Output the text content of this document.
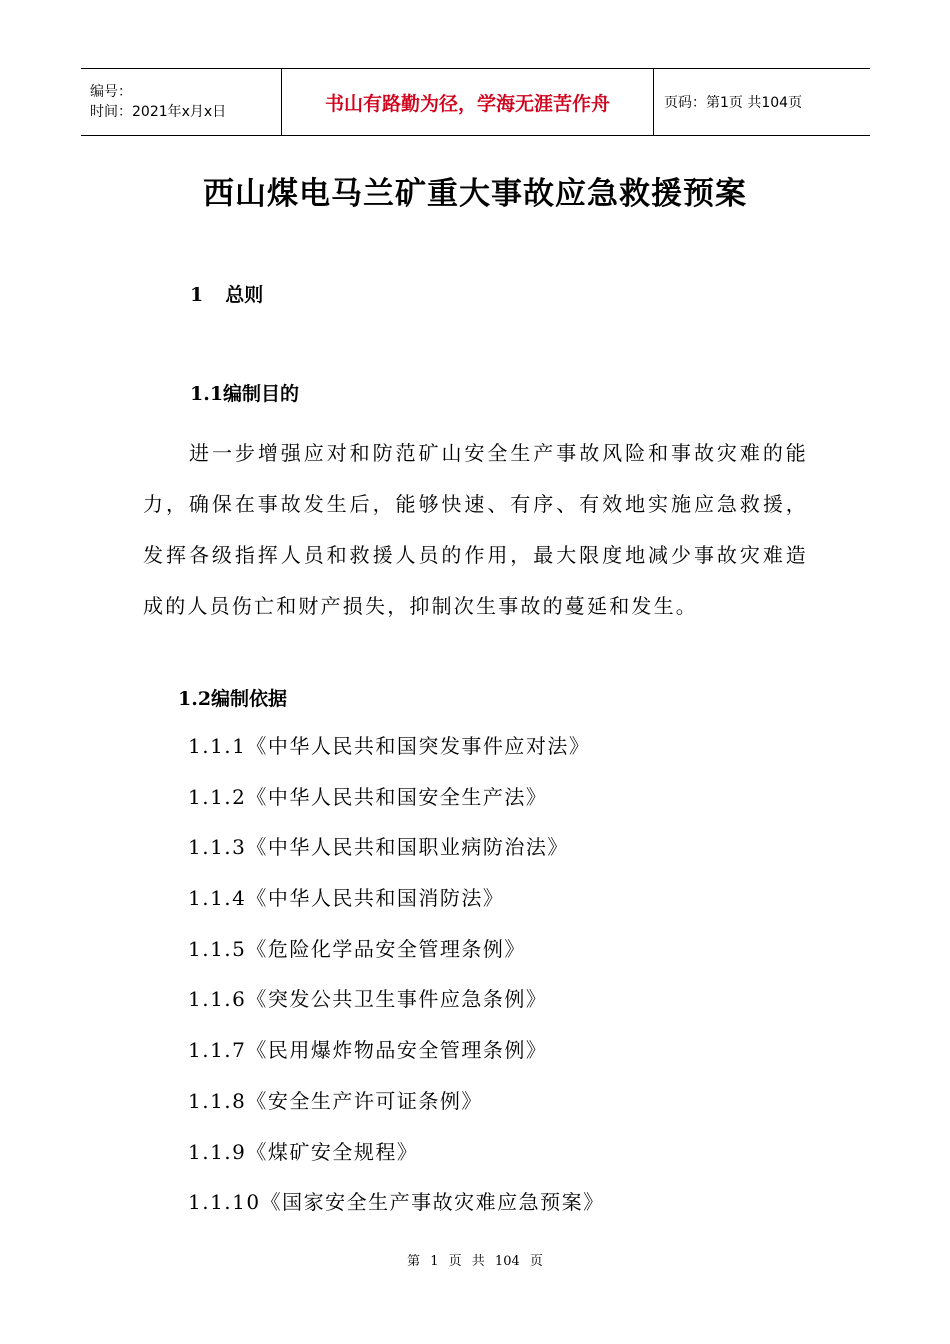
编号：
时间：2021年x月x日	书山有路勤为径，学海无涯苦作舟	页码：第1页 共104页
西山煤电马兰矿重大事故应急救援预案
1 总则
1.1编制目的
进一步增强应对和防范矿山安全生产事故风险和事故灾难的能力，确保在事故发生后，能够快速、有序、有效地实施应急救援，发挥各级指挥人员和救援人员的作用，最大限度地减少事故灾难造成的人员伤亡和财产损失，抑制次生事故的蔓延和发生。
1.2编制依据
1.1.1《中华人民共和国突发事件应对法》
1.1.2《中华人民共和国安全生产法》
1.1.3《中华人民共和国职业病防治法》
1.1.4《中华人民共和国消防法》
1.1.5《危险化学品安全管理条例》
1.1.6《突发公共卫生事件应急条例》
1.1.7《民用爆炸物品安全管理条例》
1.1.8《安全生产许可证条例》
1.1.9《煤矿安全规程》
1.1.10《国家安全生产事故灾难应急预案》
第 1 页 共 104 页
